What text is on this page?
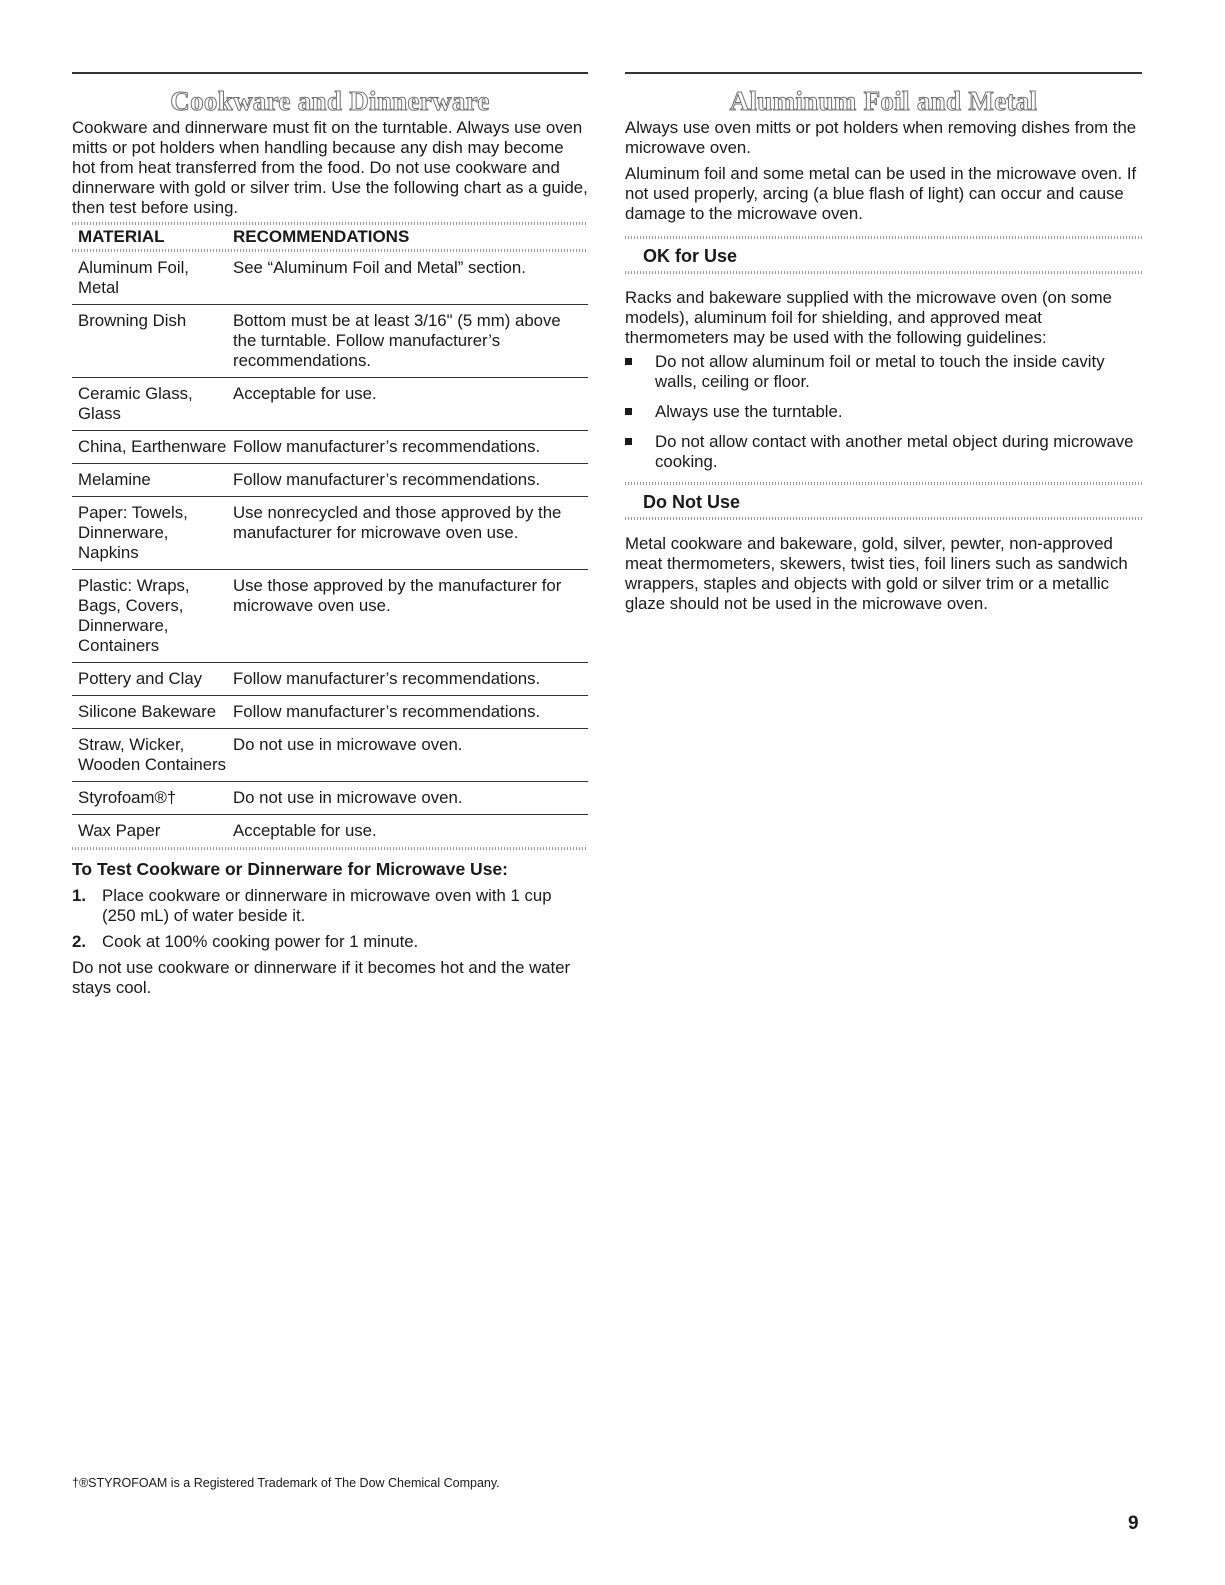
Cookware and Dinnerware

Cookware and dinnerware must fit on the turntable. Always use oven mitts or pot holders when handling because any dish may become hot from heat transferred from the food. Do not use cookware and dinnerware with gold or silver trim. Use the following chart as a guide, then test before using.

MATERIAL	RECOMMENDATIONS

Aluminum Foil, Metal	See “Aluminum Foil and Metal” section.
Browning Dish	Bottom must be at least 3/16" (5 mm) above the turntable. Follow manufacturer’s recommendations.
Ceramic Glass, Glass	Acceptable for use.
China, Earthenware	Follow manufacturer’s recommendations.
Melamine	Follow manufacturer’s recommendations.
Paper: Towels, Dinnerware, Napkins	Use nonrecycled and those approved by the manufacturer for microwave oven use.
Plastic: Wraps, Bags, Covers, Dinnerware, Containers	Use those approved by the manufacturer for microwave oven use.
Pottery and Clay	Follow manufacturer’s recommendations.
Silicone Bakeware	Follow manufacturer’s recommendations.
Straw, Wicker, Wooden Containers	Do not use in microwave oven.
Styrofoam®†	Do not use in microwave oven.
Wax Paper	Acceptable for use.
To Test Cookware or Dinnerware for Microwave Use:
1. Place cookware or dinnerware in microwave oven with 1 cup (250 mL) of water beside it.
2. Cook at 100% cooking power for 1 minute.

Do not use cookware or dinnerware if it becomes hot and the water stays cool.

Aluminum Foil and Metal

Always use oven mitts or pot holders when removing dishes from the microwave oven.

Aluminum foil and some metal can be used in the microwave oven. If not used properly, arcing (a blue flash of light) can occur and cause damage to the microwave oven.

OK for Use

Racks and bakeware supplied with the microwave oven (on some models), aluminum foil for shielding, and approved meat thermometers may be used with the following guidelines:

Do not allow aluminum foil or metal to touch the inside cavity walls, ceiling or floor.
Always use the turntable.
Do not allow contact with another metal object during microwave cooking.
Do Not Use

Metal cookware and bakeware, gold, silver, pewter, non-approved meat thermometers, skewers, twist ties, foil liners such as sandwich wrappers, staples and objects with gold or silver trim or a metallic glaze should not be used in the microwave oven.

†®STYROFOAM is a Registered Trademark of The Dow Chemical Company.
9
